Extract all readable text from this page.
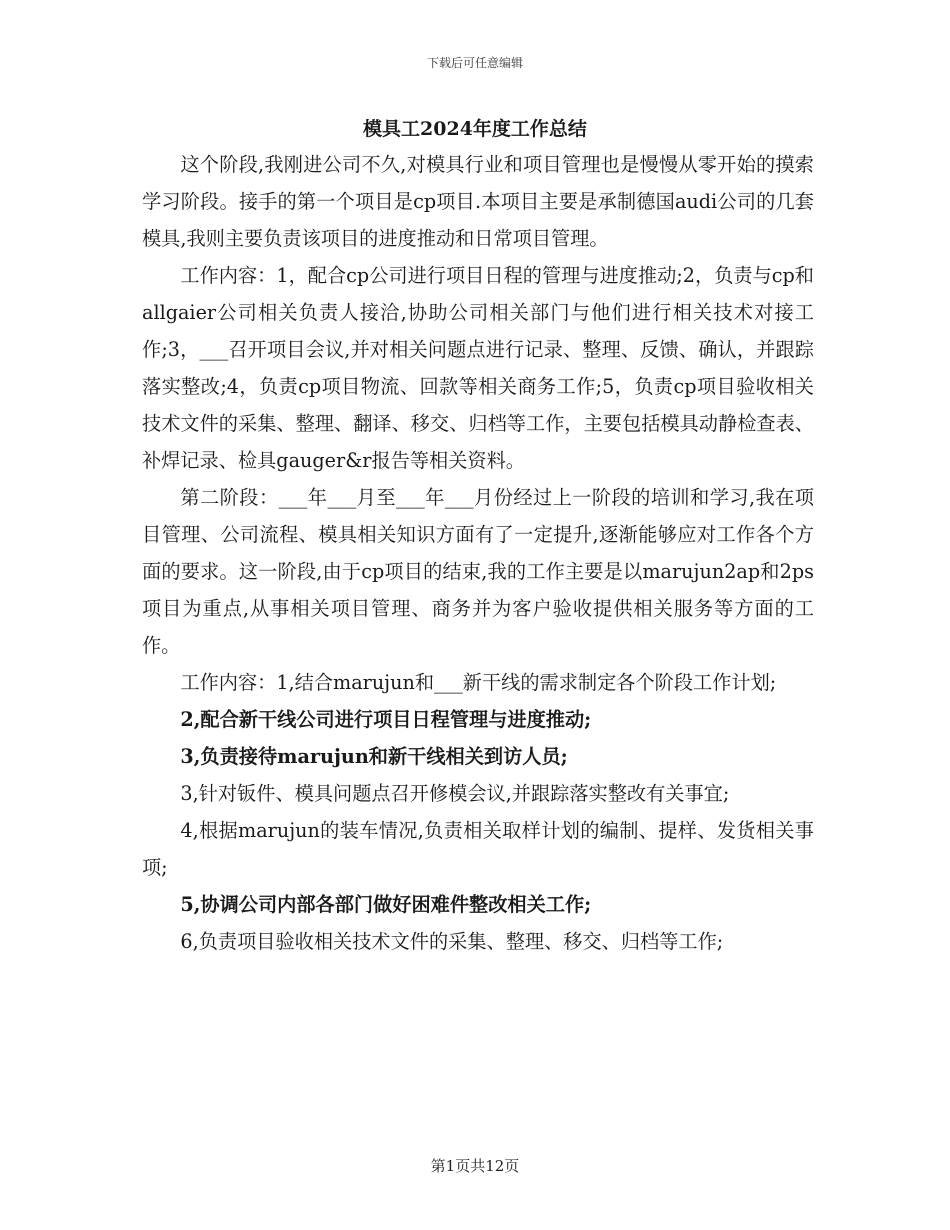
下载后可任意编辑
模具工2024年度工作总结

这个阶段,我刚进公司不久,对模具行业和项目管理也是慢慢从零开始的摸索学习阶段。接手的第一个项目是cp项目.本项目主要是承制德国audi公司的几套模具,我则主要负责该项目的进度推动和日常项目管理。

工作内容：1，配合cp公司进行项目日程的管理与进度推动;2，负责与cp和allgaier公司相关负责人接洽,协助公司相关部门与他们进行相关技术对接工作;3，___召开项目会议,并对相关问题点进行记录、整理、反馈、确认，并跟踪落实整改;4，负责cp项目物流、回款等相关商务工作;5，负责cp项目验收相关技术文件的采集、整理、翻译、移交、归档等工作，主要包括模具动静检查表、补焊记录、检具gauger&r报告等相关资料。

第二阶段：___年___月至___年___月份经过上一阶段的培训和学习,我在项目管理、公司流程、模具相关知识方面有了一定提升,逐渐能够应对工作各个方面的要求。这一阶段,由于cp项目的结束,我的工作主要是以marujun2ap和2ps项目为重点,从事相关项目管理、商务并为客户验收提供相关服务等方面的工作。

工作内容：1,结合marujun和___新干线的需求制定各个阶段工作计划;

2,配合新干线公司进行项目日程管理与进度推动;

3,负责接待marujun和新干线相关到访人员;

3,针对钣件、模具问题点召开修模会议,并跟踪落实整改有关事宜;

4,根据marujun的装车情况,负责相关取样计划的编制、提样、发货相关事项;

5,协调公司内部各部门做好困难件整改相关工作;

6,负责项目验收相关技术文件的采集、整理、移交、归档等工作;

第1页共12页
